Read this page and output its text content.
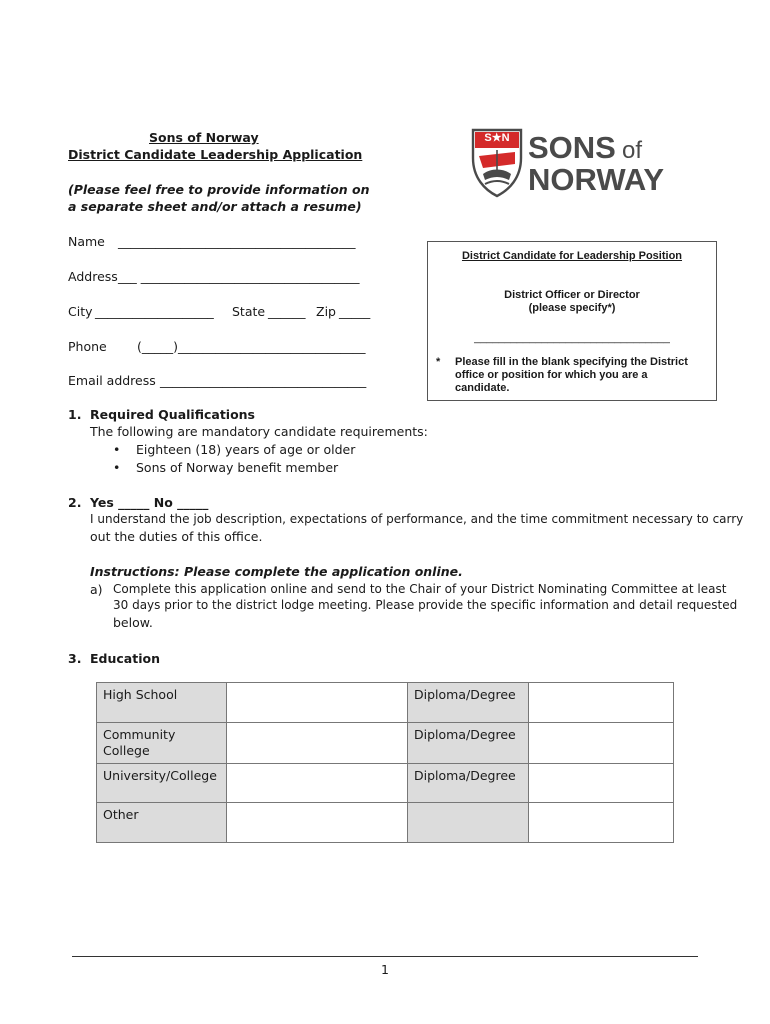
Sons of Norway
District Candidate Leadership Application
(Please feel free to provide information on
a separate sheet and/or attach a resume)
S★N SONS of
NORWAY
Name ______________________________________
Address ___ ___________________________________
City ___________________ State ______ Zip _____
Phone (_____)______________________________
Email address _________________________________
District Candidate for Leadership Position
District Officer or Director
(please specify*)
________________________________
* Please fill in the blank specifying the District
office or position for which you are a
candidate.
1. Required Qualifications
The following are mandatory candidate requirements:
• Eighteen (18) years of age or older
• Sons of Norway benefit member
2. Yes _____ No _____
I understand the job description, expectations of performance, and the time commitment necessary to carry
out the duties of this office.
Instructions: Please complete the application online.
a) Complete this application online and send to the Chair of your District Nominating Committee at least
30 days prior to the district lodge meeting. Please provide the specific information and detail requested
below.
3. Education
High School		Diploma/Degree	
Community College		Diploma/Degree	
University/College		Diploma/Degree	
Other			
1
